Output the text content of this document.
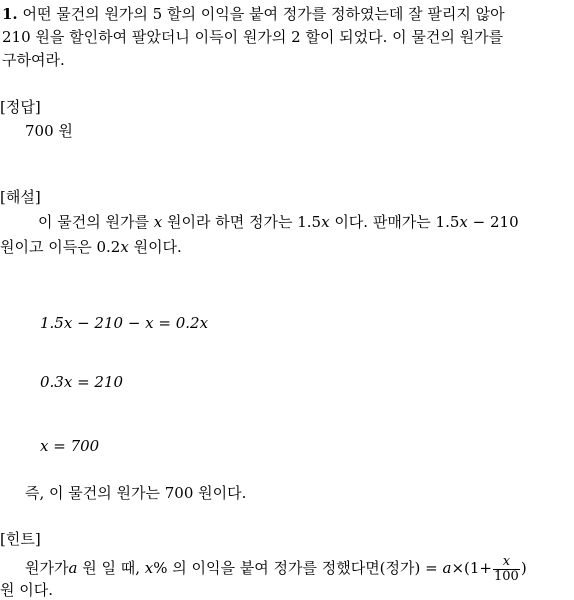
1. 어떤 물건의 원가의 5 할의 이익을 붙여 정가를 정하였는데 잘 팔리지 않아
210 원을 할인하여 팔았더니 이득이 원가의 2 할이 되었다. 이 물건의 원가를
구하여라.
[정답]
700 원
[해설]
이 물건의 원가를 x 원이라 하면 정가는 1.5x 이다. 판매가는 1.5x − 210
원이고 이득은 0.2x 원이다.
1.5x − 210 − x = 0.2x
0.3x = 210
x = 700
즉, 이 물건의 원가는 700 원이다.
[힌트]
원가가a 원 일 때, x% 의 이익을 붙여 정가를 정했다면(정가) = $a\times(1+ \frac{x}{100}$ )
원 이다.
